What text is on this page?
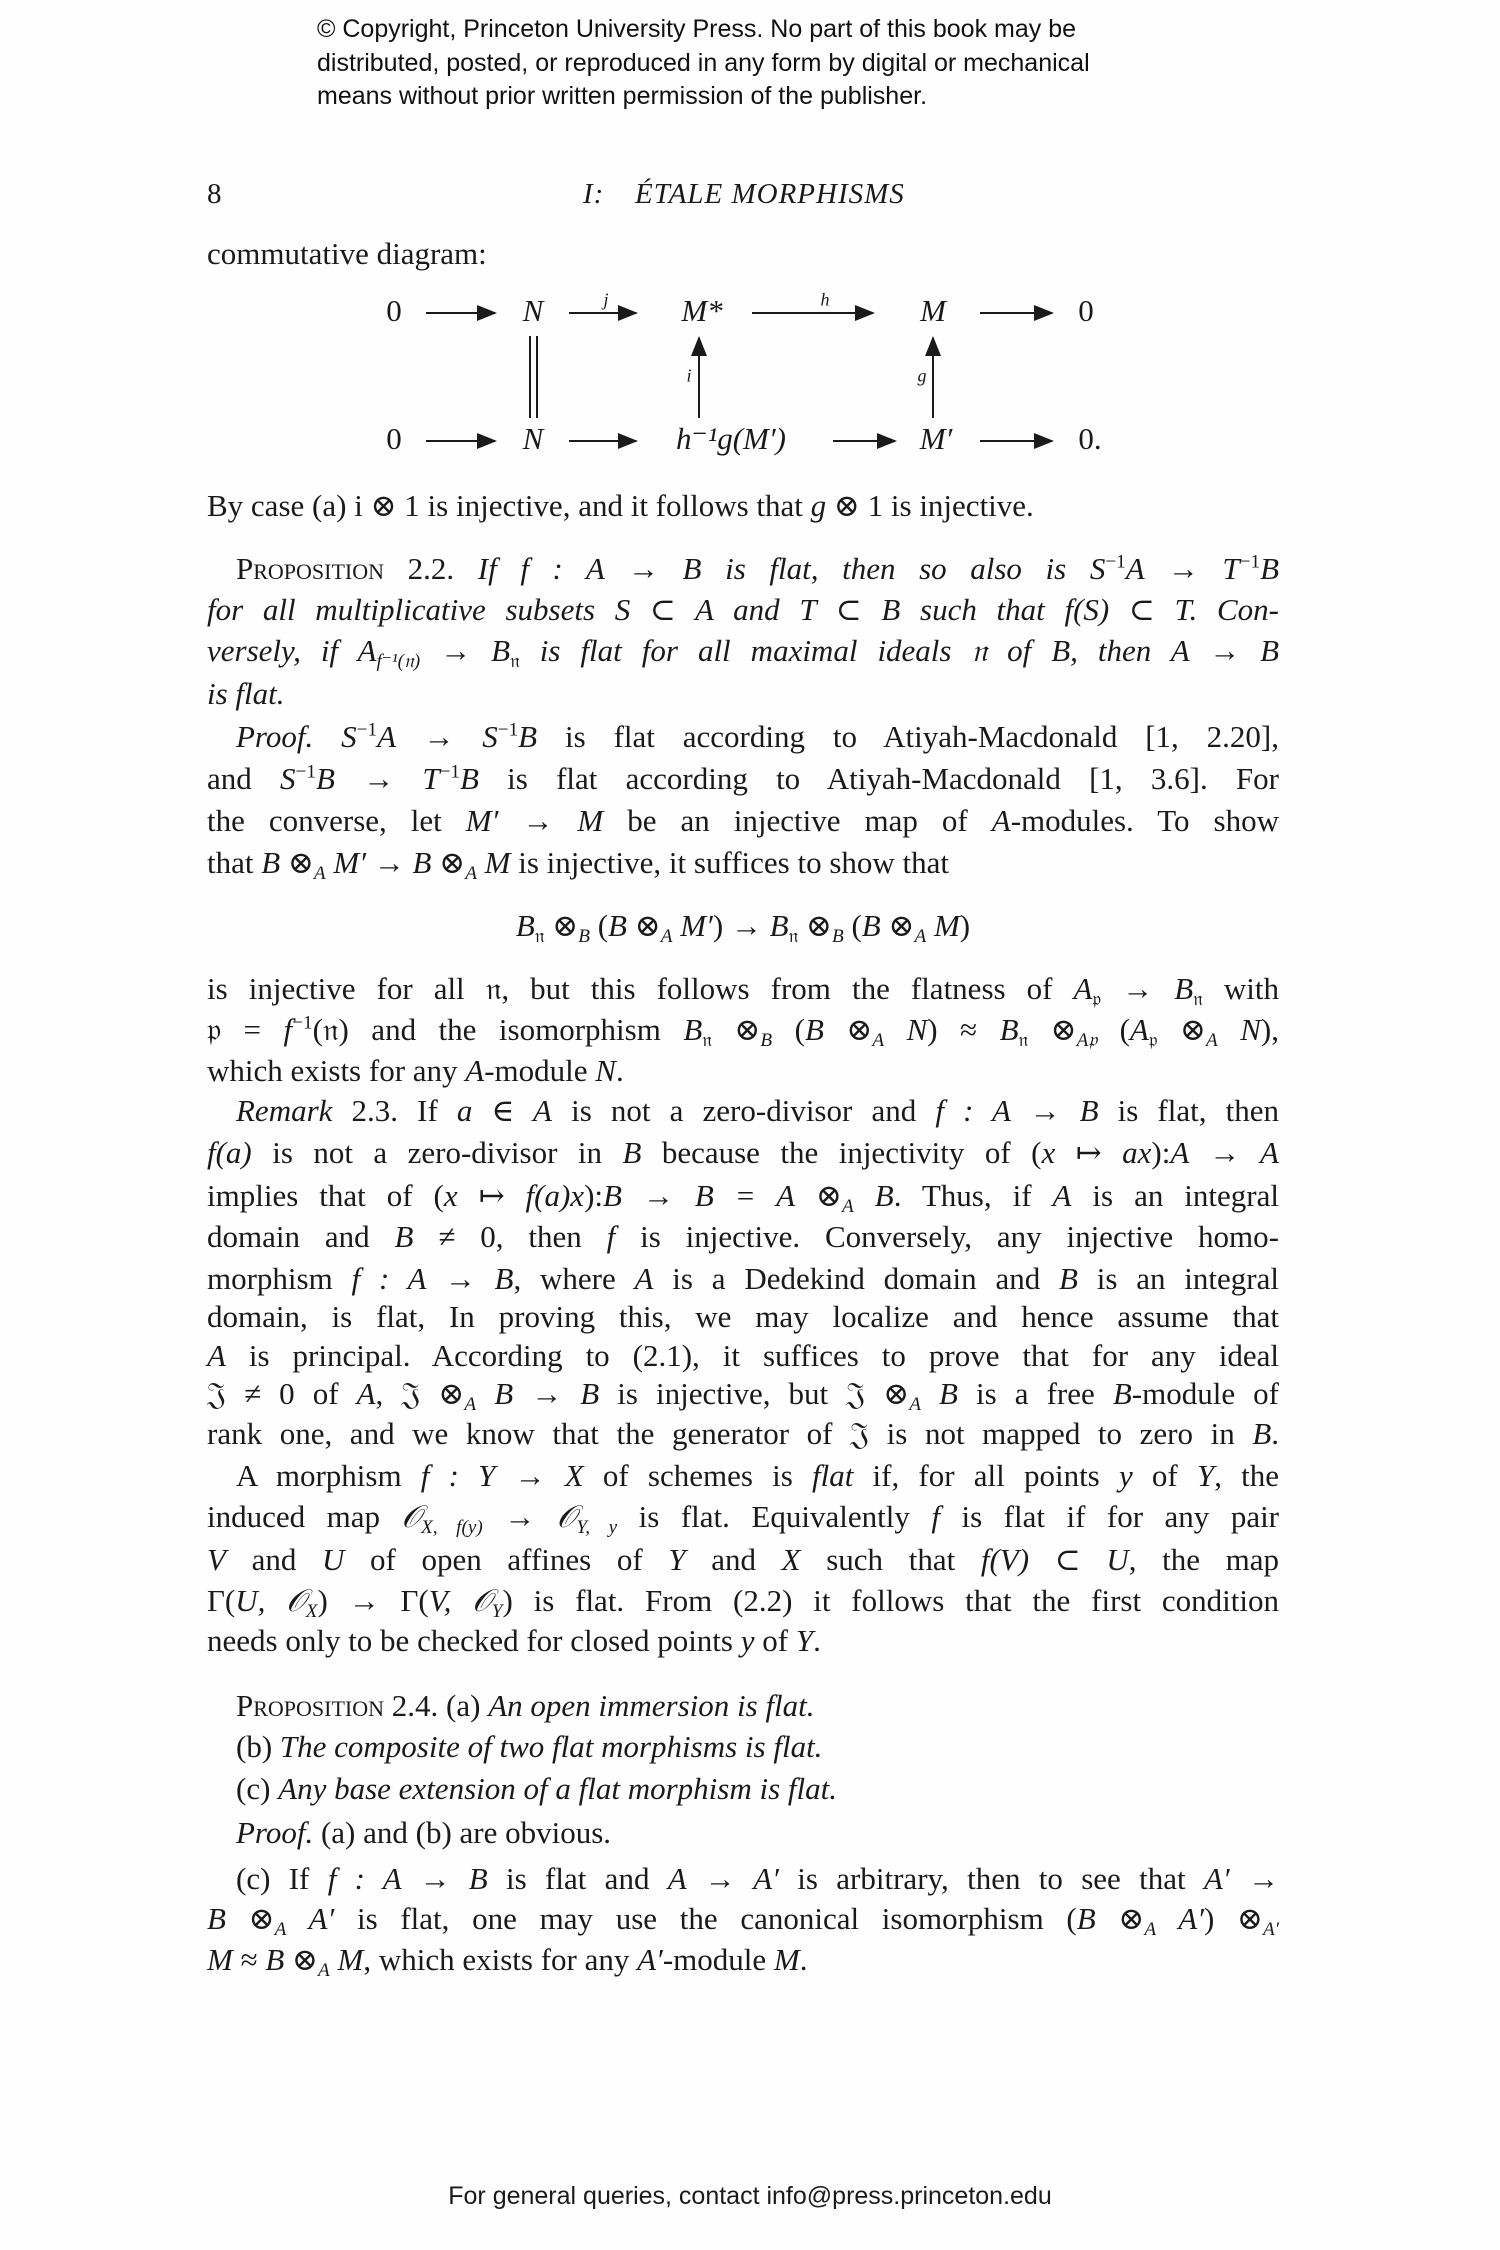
© Copyright, Princeton University Press. No part of this book may be
distributed, posted, or reproduced in any form by digital or mechanical
means without prior written permission of the publisher.
8	I: ÉTALE MORPHISMS
0	N	M*	M	0
0	N	h⁻¹g(M′)	M′	0.
j	h
i	g
commutative diagram:
By case (a) i ⊗ 1 is injective, and it follows that g ⊗ 1 is injective.
Proposition 2.2. If f : A → B is flat, then so also is $S^{-1}A \to T^{-1}B$
for all multiplicative subsets S ⊂ A and T ⊂ B such that f(S) ⊂ T. Con-
versely, if Af⁻¹(𝔫) → $B_𝔫$ is flat for all maximal ideals 𝔫 of B, then A → B
is flat.
Proof. $S^{-1}A \to S^{-1}B$ is flat according to Atiyah-Macdonald [1, 2.20],
and $S^{-1}B \to T^{-1}B$ is flat according to Atiyah-Macdonald [1, 3.6]. For
the converse, let M′ → M be an injective map of A-modules. To show
that B ⊗A M′ → B ⊗A M is injective, it suffices to show that
$B_𝔫$ ⊗B (B ⊗A $M') \to B_𝔫$ ⊗B (B ⊗A M)
is injective for all 𝔫, but this follows from the flatness of $A_𝔭 \to B_𝔫$ with
𝔭 = $f^{-1}(𝔫)$ and the isomorphism $B_𝔫$ ⊗B (B ⊗A $N) \approx B_𝔫$ ⊗A𝔭 ($A_𝔭$ ⊗A N),
which exists for any A-module N.
Remark 2.3. If a ∈ A is not a zero-divisor and f : A → B is flat, then
f(a) is not a zero-divisor in B because the injectivity of (x ↦ ax):A → A
implies that of (x ↦ f(a)x):B → B = A ⊗A B. Thus, if A is an integral
domain and B ≠ 0, then f is injective. Conversely, any injective homo-
morphism f : A → B, where A is a Dedekind domain and B is an integral
domain, is flat, In proving this, we may localize and hence assume that
A is principal. According to (2.1), it suffices to prove that for any ideal
𝔍 ≠ 0 of A, 𝔍 ⊗A B → B is injective, but 𝔍 ⊗A B is a free B-module of
rank one, and we know that the generator of 𝔍 is not mapped to zero in B.
A morphism f : Y → X of schemes is flat if, for all points y of Y, the
induced map 𝒪X, f(y) → 𝒪Y, y is flat. Equivalently f is flat if for any pair
V and U of open affines of Y and X such that f(V) ⊂ U, the map
Γ(U, 𝒪X) → Γ(V, 𝒪Y) is flat. From (2.2) it follows that the first condition
needs only to be checked for closed points y of Y.
Proposition 2.4. (a) An open immersion is flat.
(b) The composite of two flat morphisms is flat.
(c) Any base extension of a flat morphism is flat.
Proof. (a) and (b) are obvious.
(c) If f : A → B is flat and A → A′ is arbitrary, then to see that A′ →
B ⊗A A′ is flat, one may use the canonical isomorphism (B ⊗A A′) ⊗A′
M ≈ B ⊗A M, which exists for any A′-module M.
For general queries, contact info@press.princeton.edu
